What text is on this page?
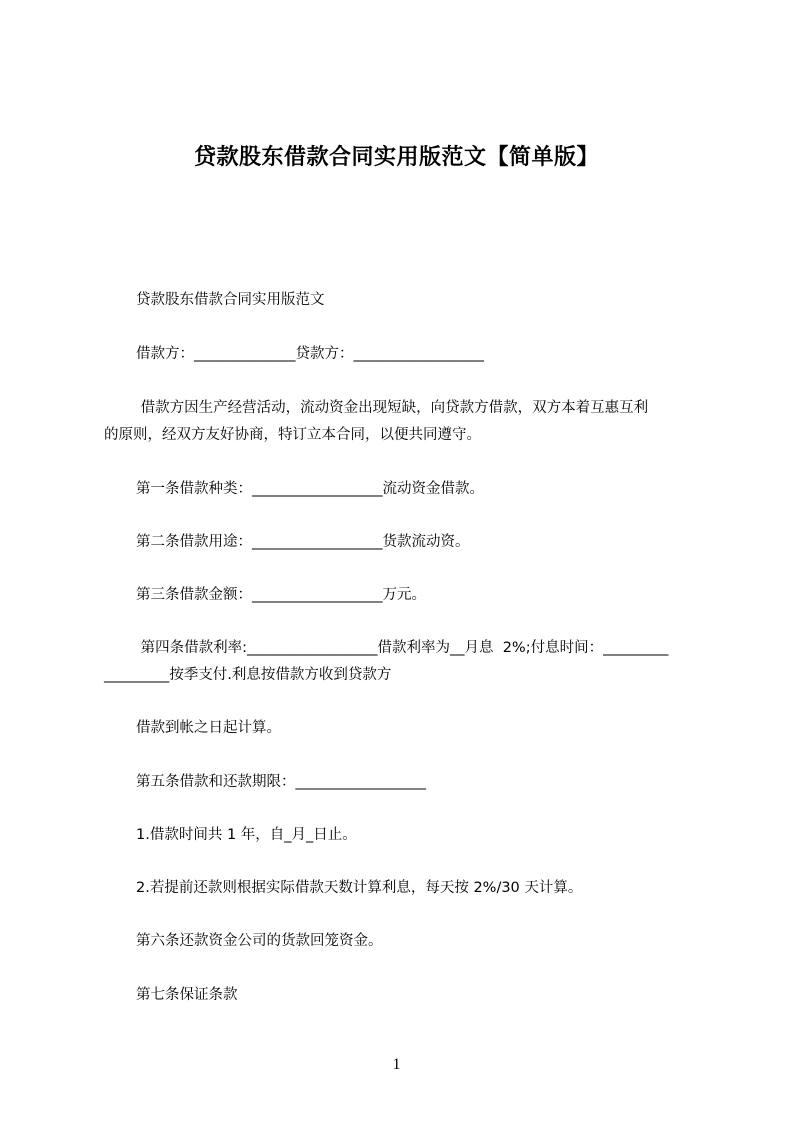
贷款股东借款合同实用版范文【简单版】
贷款股东借款合同实用版范文
借款方：______________贷款方：__________________
借款方因生产经营活动，流动资金出现短缺，向贷款方借款，双方本着互惠互利
的原则，经双方友好协商，特订立本合同，以便共同遵守。
第一条借款种类：__________________流动资金借款。
第二条借款用途：__________________货款流动资。
第三条借款金额：__________________万元。
第四条借款利率:__________________借款利率为__月息  2%;付息时间：_________
_________按季支付.利息按借款方收到贷款方
借款到帐之日起计算。
第五条借款和还款期限：__________________
1.借款时间共 1 年，自_月_日止。
2.若提前还款则根据实际借款天数计算利息，每天按 2%/30 天计算。
第六条还款资金公司的货款回笼资金。
第七条保证条款
1
